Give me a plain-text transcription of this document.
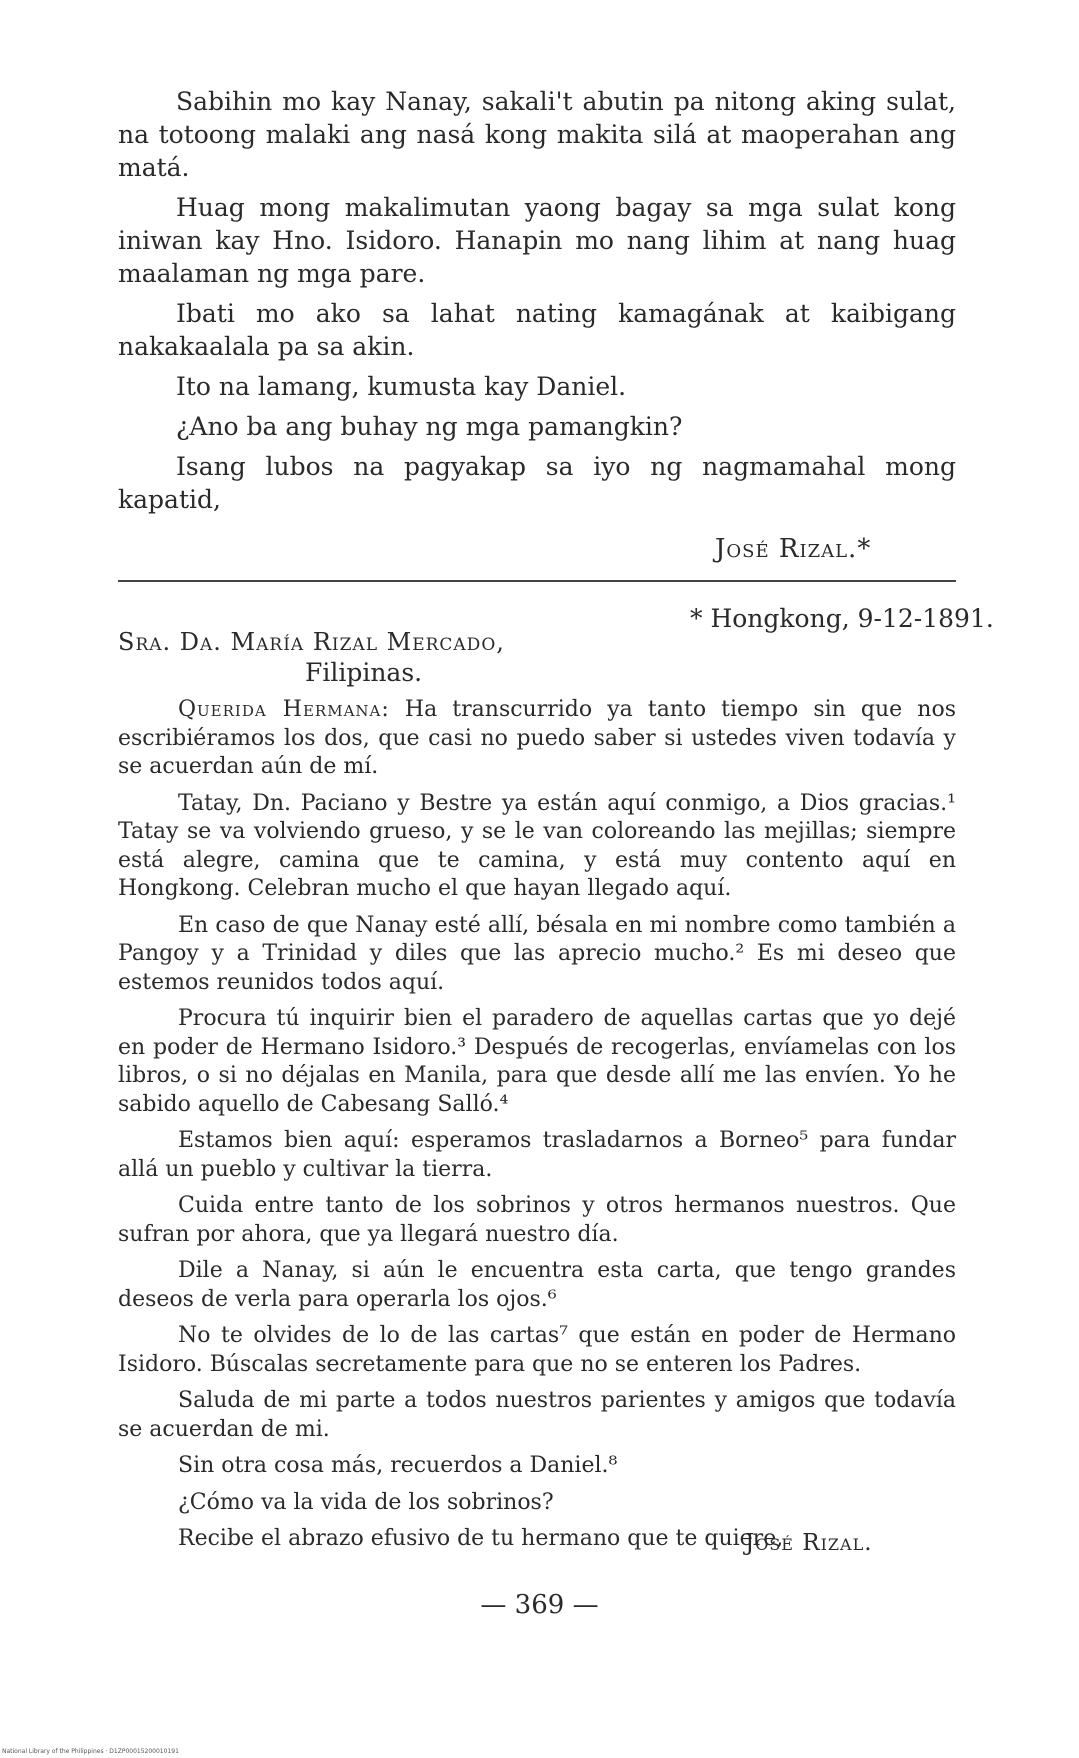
Sabihin mo kay Nanay, sakali't abutin pa nitong aking sulat, na totoong malaki ang nasá kong makita silá at maoperahan ang matá.

Huag mong makalimutan yaong bagay sa mga sulat kong iniwan kay Hno. Isidoro. Hanapin mo nang lihim at nang huag maalaman ng mga pare.

Ibati mo ako sa lahat nating kamagának at kaibigang nakakaalala pa sa akin.

Ito na lamang, kumusta kay Daniel.

¿Ano ba ang buhay ng mga pamangkin?

Isang lubos na pagyakap sa iyo ng nagmamahal mong kapatid,

José Rizal.*
* Hongkong, 9-12-1891.
Sra. Da. María Rizal Mercado,
Filipinas.

Querida Hermana: Ha transcurrido ya tanto tiempo sin que nos escribiéramos los dos, que casi no puedo saber si ustedes viven todavía y se acuerdan aún de mí.

Tatay, Dn. Paciano y Bestre ya están aquí conmigo, a Dios gracias.¹ Tatay se va volviendo grueso, y se le van coloreando las mejillas; siempre está alegre, camina que te camina, y está muy contento aquí en Hongkong. Celebran mucho el que hayan llegado aquí.

En caso de que Nanay esté allí, bésala en mi nombre como también a Pangoy y a Trinidad y diles que las aprecio mucho.² Es mi deseo que estemos reunidos todos aquí.

Procura tú inquirir bien el paradero de aquellas cartas que yo dejé en poder de Hermano Isidoro.³ Después de recogerlas, envíamelas con los libros, o si no déjalas en Manila, para que desde allí me las envíen. Yo he sabido aquello de Cabesang Salló.⁴

Estamos bien aquí: esperamos trasladarnos a Borneo⁵ para fundar allá un pueblo y cultivar la tierra.

Cuida entre tanto de los sobrinos y otros hermanos nuestros. Que sufran por ahora, que ya llegará nuestro día.

Dile a Nanay, si aún le encuentra esta carta, que tengo grandes deseos de verla para operarla los ojos.⁶

No te olvides de lo de las cartas⁷ que están en poder de Hermano Isidoro. Búscalas secretamente para que no se enteren los Padres.

Saluda de mi parte a todos nuestros parientes y amigos que todavía se acuerdan de mi.

Sin otra cosa más, recuerdos a Daniel.⁸

¿Cómo va la vida de los sobrinos?

Recibe el abrazo efusivo de tu hermano que te quiere,

José Rizal.
— 369 —
National Library of the Philippines · D1ZP00015200010191
